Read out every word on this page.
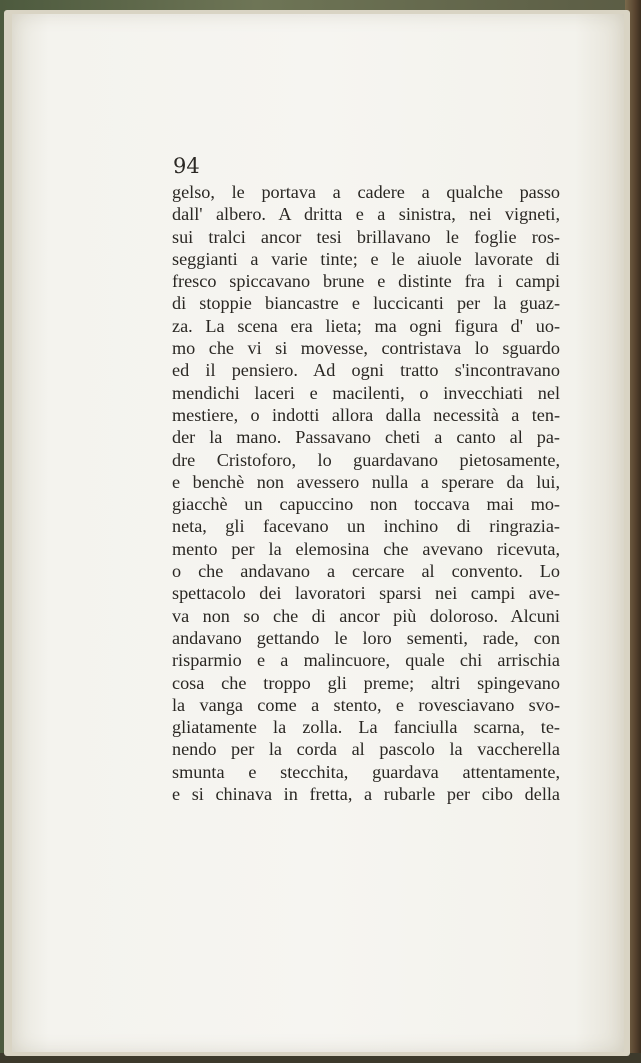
94
gelso, le portava a cadere a qualche passo
dall' albero. A dritta e a sinistra, nei vigneti,
sui tralci ancor tesi brillavano le foglie ros-
seggianti a varie tinte; e le aiuole lavorate di
fresco spiccavano brune e distinte fra i campi
di stoppie biancastre e luccicanti per la guaz-
za. La scena era lieta; ma ogni figura d' uo-
mo che vi si movesse, contristava lo sguardo
ed il pensiero. Ad ogni tratto s'incontravano
mendichi laceri e macilenti, o invecchiati nel
mestiere, o indotti allora dalla necessità a ten-
der la mano. Passavano cheti a canto al pa-
dre Cristoforo, lo guardavano pietosamente,
e benchè non avessero nulla a sperare da lui,
giacchè un capuccino non toccava mai mo-
neta, gli facevano un inchino di ringrazia-
mento per la elemosina che avevano ricevuta,
o che andavano a cercare al convento. Lo
spettacolo dei lavoratori sparsi nei campi ave-
va non so che di ancor più doloroso. Alcuni
andavano gettando le loro sementi, rade, con
risparmio e a malincuore, quale chi arrischia
cosa che troppo gli preme; altri spingevano
la vanga come a stento, e rovesciavano svo-
gliatamente la zolla. La fanciulla scarna, te-
nendo per la corda al pascolo la vaccherella
smunta e stecchita, guardava attentamente,
e si chinava in fretta, a rubarle per cibo della
